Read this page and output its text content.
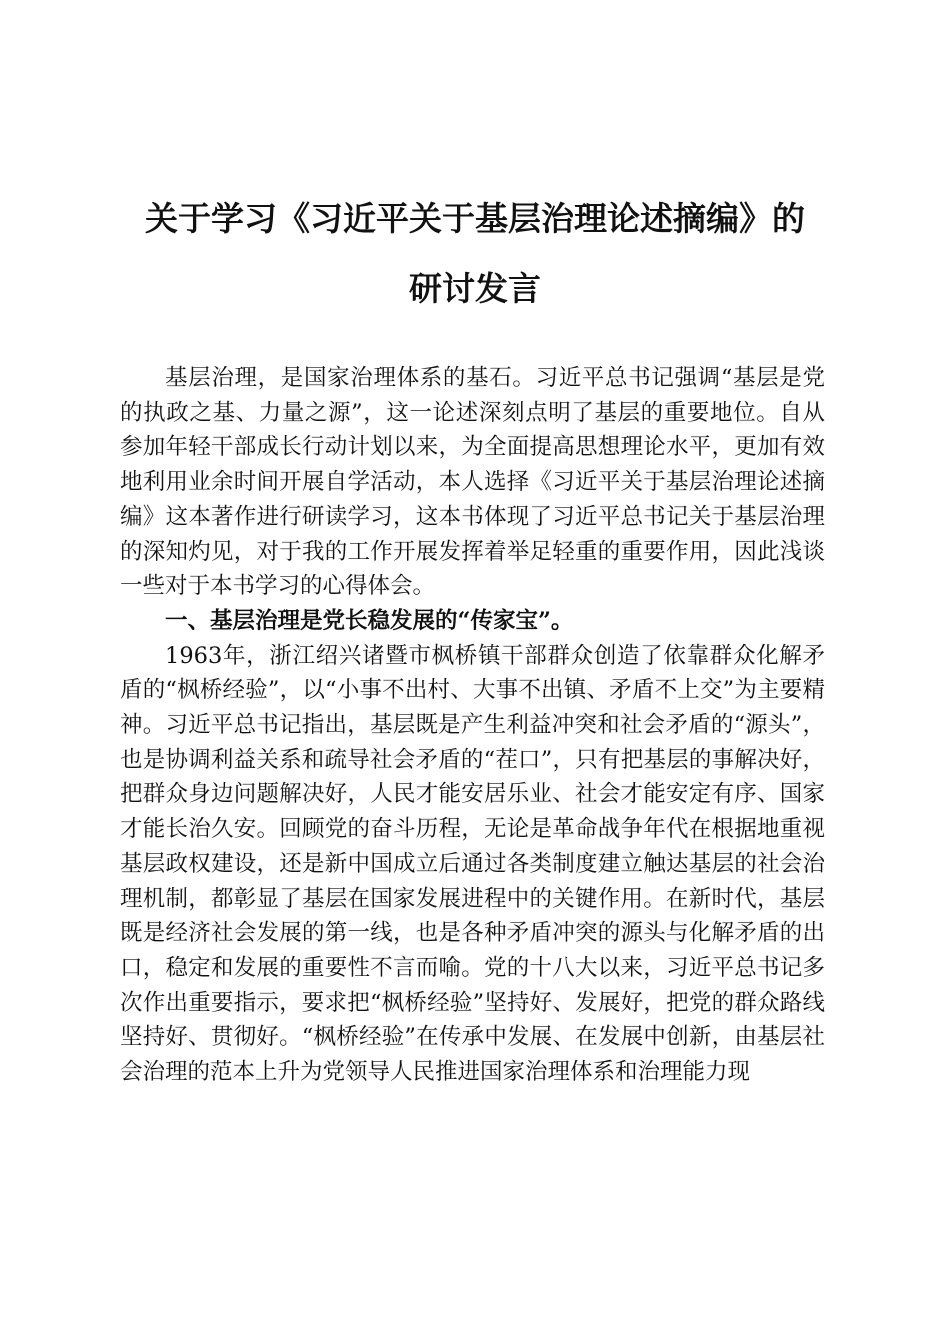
关于学习《习近平关于基层治理论述摘编》的
研讨发言

基层治理，是国家治理体系的基石。习近平总书记强调“基层是党的执政之基、力量之源”，这一论述深刻点明了基层的重要地位。自从参加年轻干部成长行动计划以来，为全面提高思想理论水平，更加有效地利用业余时间开展自学活动，本人选择《习近平关于基层治理论述摘编》这本著作进行研读学习，这本书体现了习近平总书记关于基层治理的深知灼见，对于我的工作开展发挥着举足轻重的重要作用，因此浅谈一些对于本书学习的心得体会。

一、基层治理是党长稳发展的“传家宝”。

1963年，浙江绍兴诸暨市枫桥镇干部群众创造了依靠群众化解矛盾的“枫桥经验”，以“小事不出村、大事不出镇、矛盾不上交”为主要精神。习近平总书记指出，基层既是产生利益冲突和社会矛盾的“源头”，也是协调利益关系和疏导社会矛盾的“茬口”，只有把基层的事解决好，把群众身边问题解决好，人民才能安居乐业、社会才能安定有序、国家才能长治久安。回顾党的奋斗历程，无论是革命战争年代在根据地重视基层政权建设，还是新中国成立后通过各类制度建立触达基层的社会治理机制，都彰显了基层在国家发展进程中的关键作用。在新时代，基层既是经济社会发展的第一线，也是各种矛盾冲突的源头与化解矛盾的出口，稳定和发展的重要性不言而喻。党的十八大以来，习近平总书记多次作出重要指示，要求把“枫桥经验”坚持好、发展好，把党的群众路线坚持好、贯彻好。“枫桥经验”在传承中发展、在发展中创新，由基层社会治理的范本上升为党领导人民推进国家治理体系和治理能力现
